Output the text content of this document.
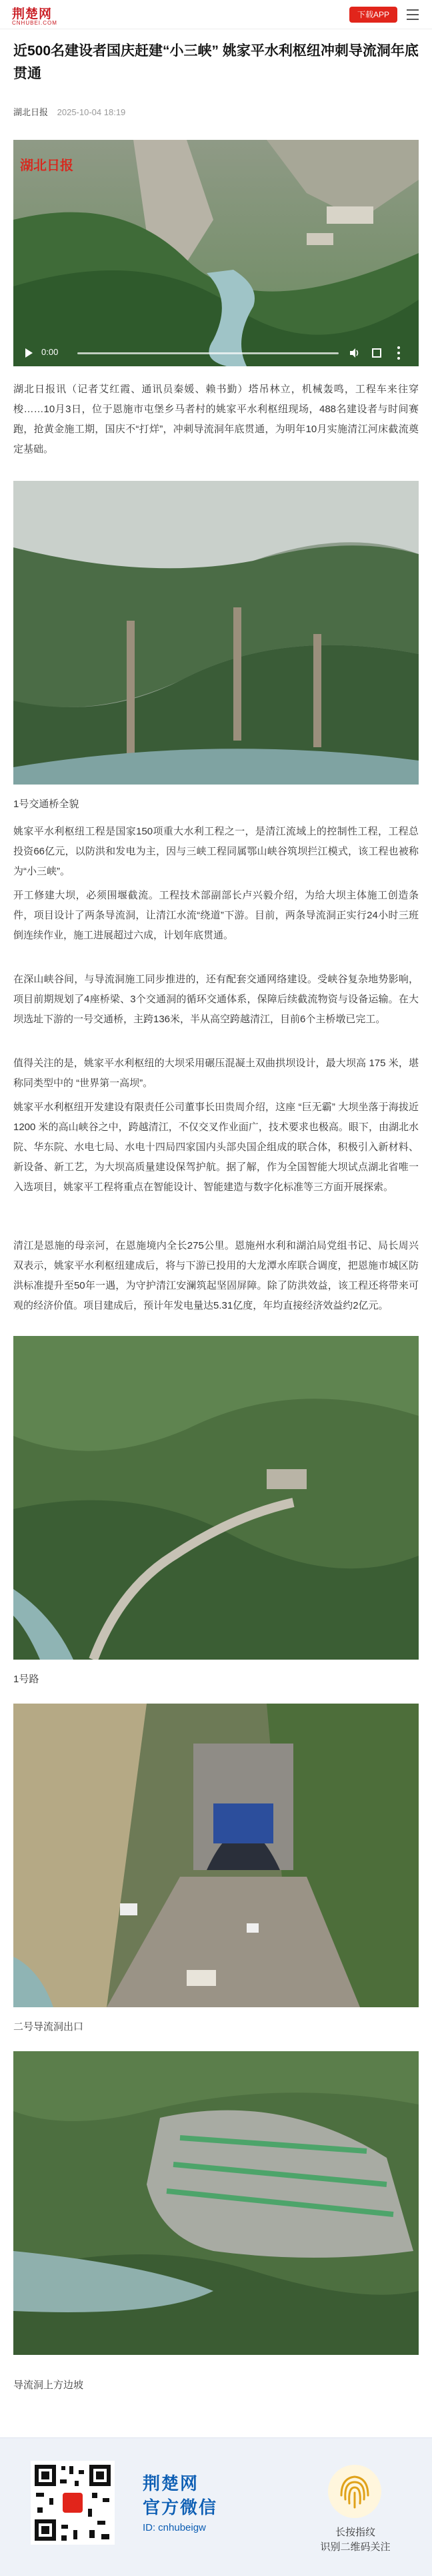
荆楚网
CNHUBEI.COM
下载APP
近500名建设者国庆赶建“小三峡” 姚家平水利枢纽冲刺导流洞年底贯通
湖北日报 2025-10-04 18:19
湖北日报
0:00

湖北日报讯（记者艾红霞、通讯员秦媛、赖书勤）塔吊林立，机械轰鸣，工程车来往穿梭……10月3日，位于恩施市屯堡乡马者村的姚家平水利枢纽现场，488名建设者与时间赛跑，抢黄金施工期，国庆不“打烊”，冲刺导流洞年底贯通，为明年10月实施清江河床截流奠定基础。

1号交通桥全貌

姚家平水利枢纽工程是国家150项重大水利工程之一，是清江流域上的控制性工程，工程总投资66亿元，以防洪和发电为主，因与三峡工程同属鄂山峡谷筑坝拦江模式，该工程也被称为“小三峡”。

开工修建大坝，必须围堰截流。工程技术部副部长卢兴毅介绍，为给大坝主体施工创造条件，项目设计了两条导流洞，让清江水流“绕道”下游。目前，两条导流洞正实行24小时三班倒连续作业，施工进展超过六成，计划年底贯通。

在深山峡谷间，与导流洞施工同步推进的，还有配套交通网络建设。受峡谷复杂地势影响，项目前期规划了4座桥梁、3个交通洞的循环交通体系，保障后续截流物资与设备运输。在大坝选址下游的一号交通桥，主跨136米，半从高空跨越清江，目前6个主桥墩已完工。

值得关注的是，姚家平水利枢纽的大坝采用碾压混凝土双曲拱坝设计，最大坝高 175 米，堪称同类型中的 “世界第一高坝”。

姚家平水利枢纽开发建设有限责任公司董事长田贵周介绍，这座 “巨无霸” 大坝坐落于海拔近 1200 米的高山峡谷之中，跨越清江，不仅交叉作业面广，技术要求也极高。眼下，由湖北水院、华东院、水电七局、水电十四局四家国内头部央国企组成的联合体，积极引入新材料、新设备、新工艺，为大坝高质量建设保驾护航。据了解，作为全国智能大坝试点湖北省唯一入选项目，姚家平工程将重点在智能设计、智能建造与数字化标准等三方面开展探索。

清江是恩施的母亲河，在恩施境内全长275公里。恩施州水利和湖泊局党组书记、局长周兴双表示，姚家平水利枢纽建成后，将与下游已投用的大龙潭水库联合调度，把恩施市城区防洪标准提升至50年一遇，为守护清江安澜筑起坚固屏障。除了防洪效益，该工程还将带来可观的经济价值。项目建成后，预计年发电量达5.31亿度，年均直接经济效益约2亿元。

1号路
二号导流洞出口
导流洞上方边坡
荆楚网
官方微信
ID: cnhubeigw	长按指纹
识别二维码关注
